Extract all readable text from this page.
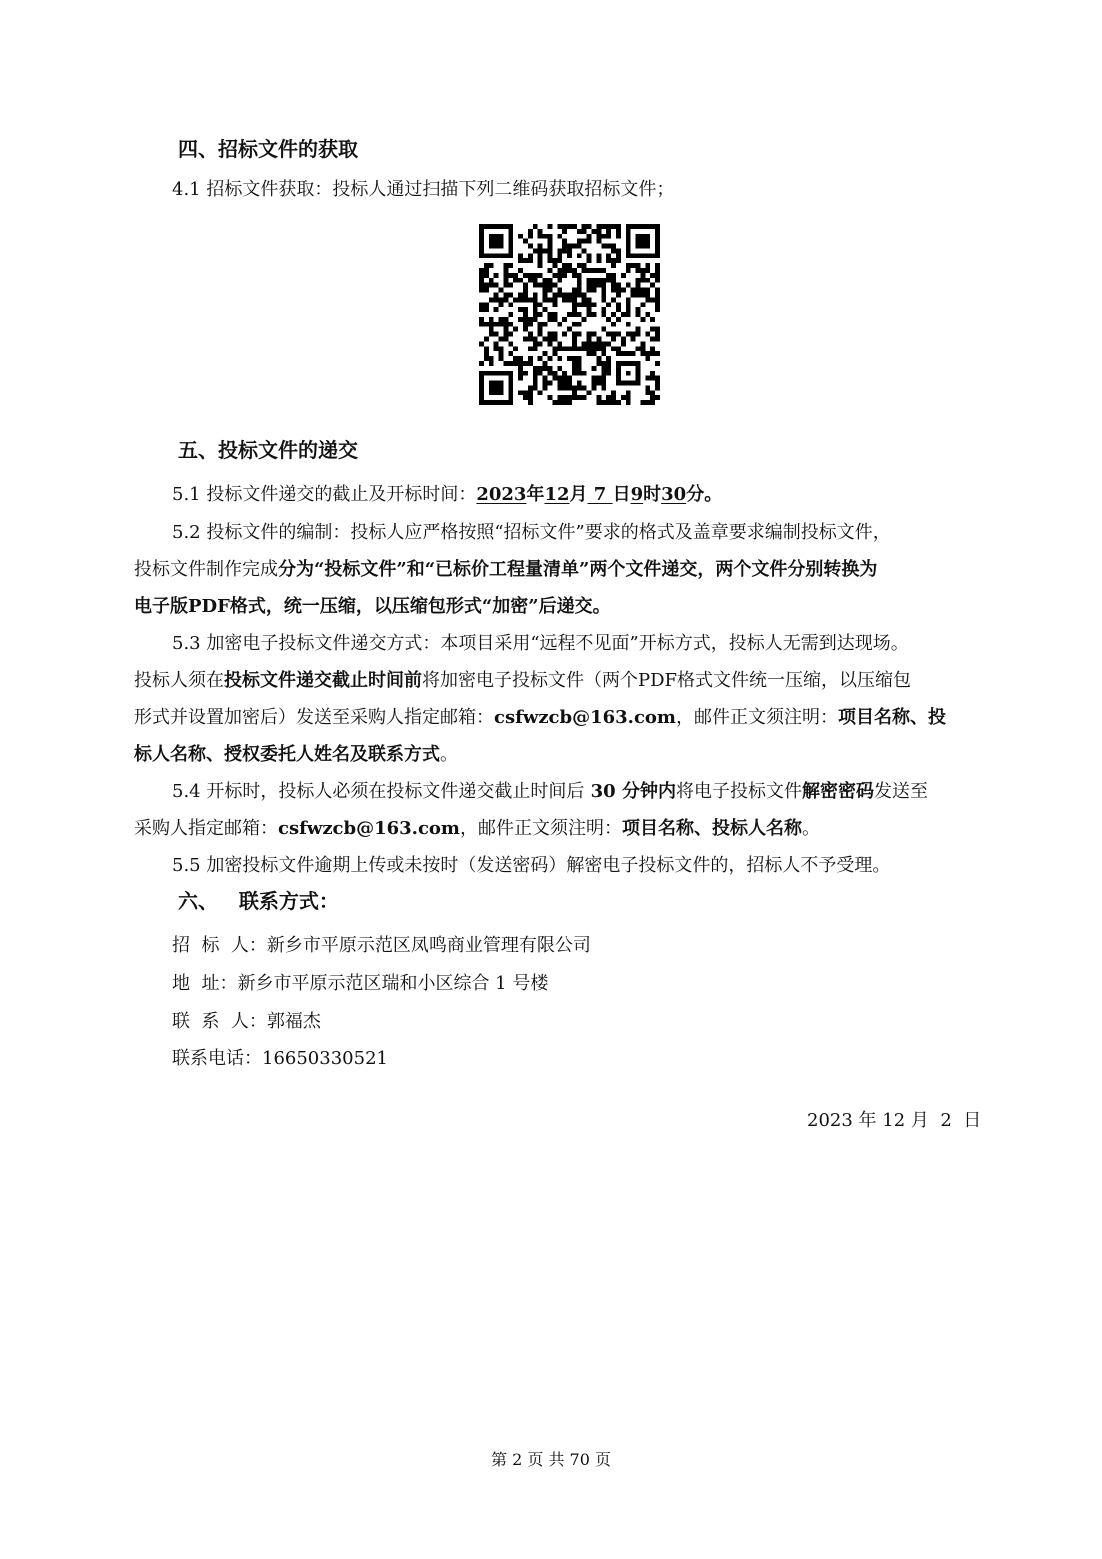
四、招标文件的获取
4.1 招标文件获取：投标人通过扫描下列二维码获取招标文件；
五、投标文件的递交
5.1 投标文件递交的截止及开标时间：2023年12月 7 日9时30分。
5.2 投标文件的编制：投标人应严格按照“招标文件”要求的格式及盖章要求编制投标文件，
投标文件制作完成分为“投标文件”和“已标价工程量清单”两个文件递交，两个文件分别转换为
电子版PDF格式，统一压缩，以压缩包形式“加密”后递交。
5.3 加密电子投标文件递交方式：本项目采用“远程不见面”开标方式，投标人无需到达现场。
投标人须在投标文件递交截止时间前将加密电子投标文件（两个PDF格式文件统一压缩，以压缩包
形式并设置加密后）发送至采购人指定邮箱：csfwzcb@163.com，邮件正文须注明：项目名称、投
标人名称、授权委托人姓名及联系方式。
5.4 开标时，投标人必须在投标文件递交截止时间后 30 分钟内将电子投标文件解密密码发送至
采购人指定邮箱：csfwzcb@163.com，邮件正文须注明：项目名称、投标人名称。
5.5 加密投标文件逾期上传或未按时（发送密码）解密电子投标文件的，招标人不予受理。
六、   联系方式：
招  标  人：新乡市平原示范区凤鸣商业管理有限公司
地  址：新乡市平原示范区瑞和小区综合 1 号楼
联  系  人：郭福杰
联系电话：16650330521
2023 年 12 月  2  日
第 2 页 共 70 页
